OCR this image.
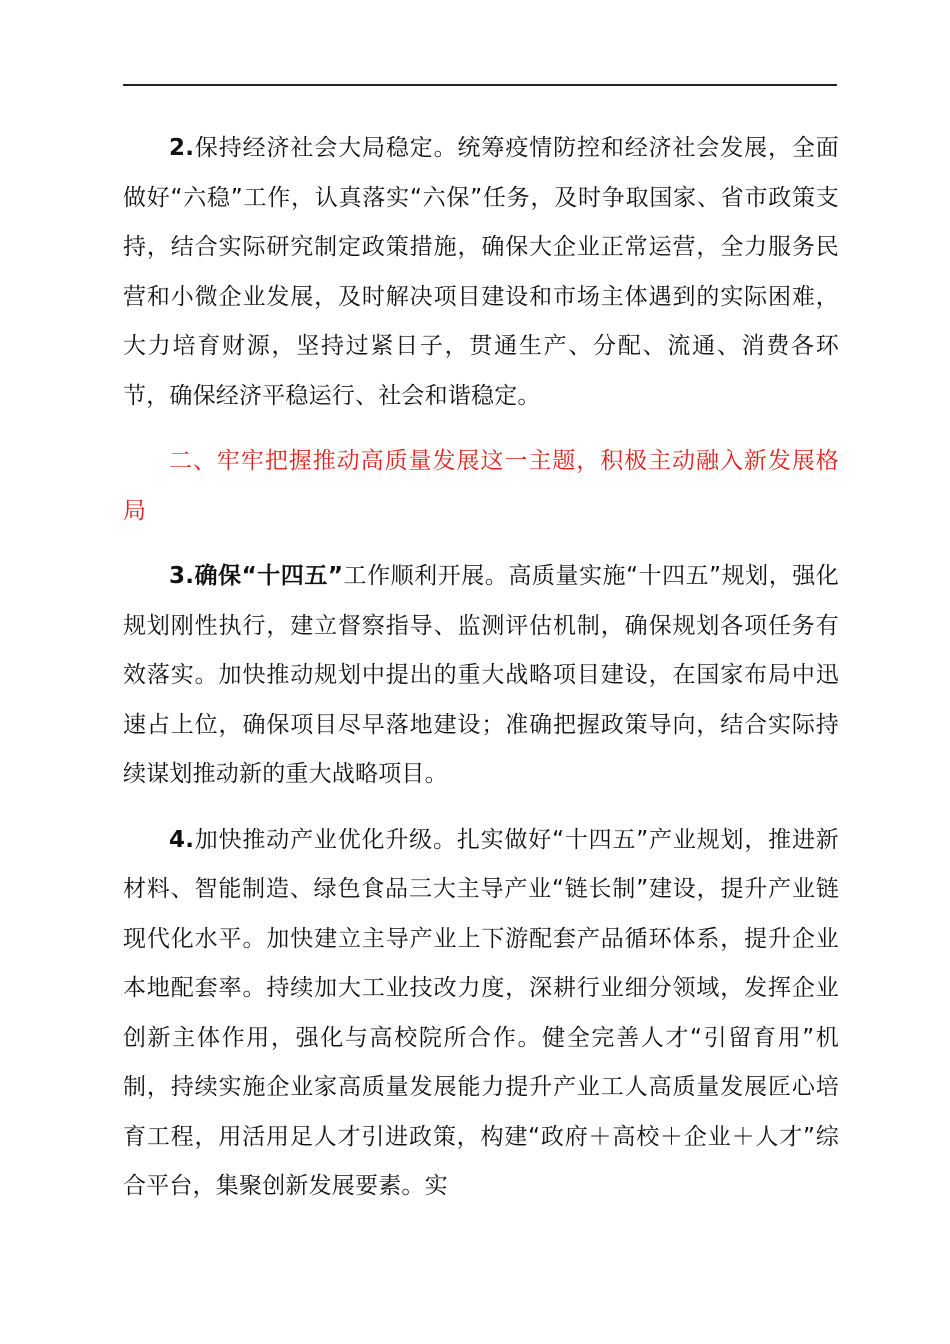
2.保持经济社会大局稳定。统筹疫情防控和经济社会发展，全面做好“六稳”工作，认真落实“六保”任务，及时争取国家、省市政策支持，结合实际研究制定政策措施，确保大企业正常运营，全力服务民营和小微企业发展，及时解决项目建设和市场主体遇到的实际困难，大力培育财源，坚持过紧日子，贯通生产、分配、流通、消费各环节，确保经济平稳运行、社会和谐稳定。

二、牢牢把握推动高质量发展这一主题，积极主动融入新发展格局

3.确保“十四五”工作顺利开展。高质量实施“十四五”规划，强化规划刚性执行，建立督察指导、监测评估机制，确保规划各项任务有效落实。加快推动规划中提出的重大战略项目建设，在国家布局中迅速占上位，确保项目尽早落地建设；准确把握政策导向，结合实际持续谋划推动新的重大战略项目。

4.加快推动产业优化升级。扎实做好“十四五”产业规划，推进新材料、智能制造、绿色食品三大主导产业“链长制”建设，提升产业链现代化水平。加快建立主导产业上下游配套产品循环体系，提升企业本地配套率。持续加大工业技改力度，深耕行业细分领域，发挥企业创新主体作用，强化与高校院所合作。健全完善人才“引留育用”机制，持续实施企业家高质量发展能力提升产业工人高质量发展匠心培育工程，用活用足人才引进政策，构建“政府＋高校＋企业＋人才”综合平台，集聚创新发展要素。实
